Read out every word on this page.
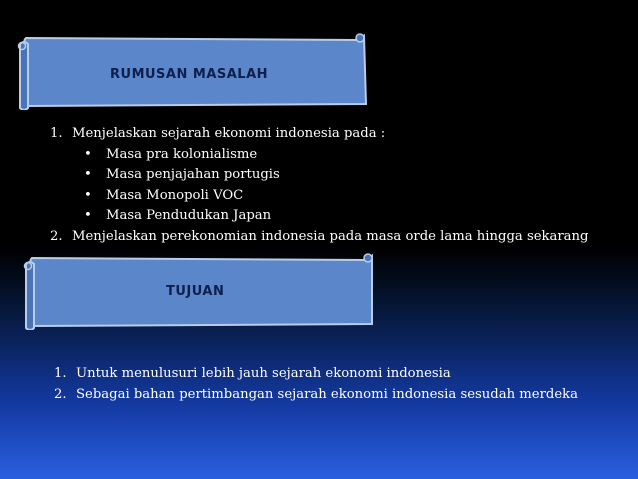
RUMUSAN MASALAH
1. Menjelaskan sejarah ekonomi indonesia pada :
• Masa pra kolonialisme
• Masa penjajahan portugis
• Masa Monopoli VOC
• Masa Pendudukan Japan
2. Menjelaskan perekonomian indonesia pada masa orde lama hingga sekarang
TUJUAN
1. Untuk menulusuri lebih jauh sejarah ekonomi indonesia
2. Sebagai bahan pertimbangan sejarah ekonomi indonesia sesudah merdeka
